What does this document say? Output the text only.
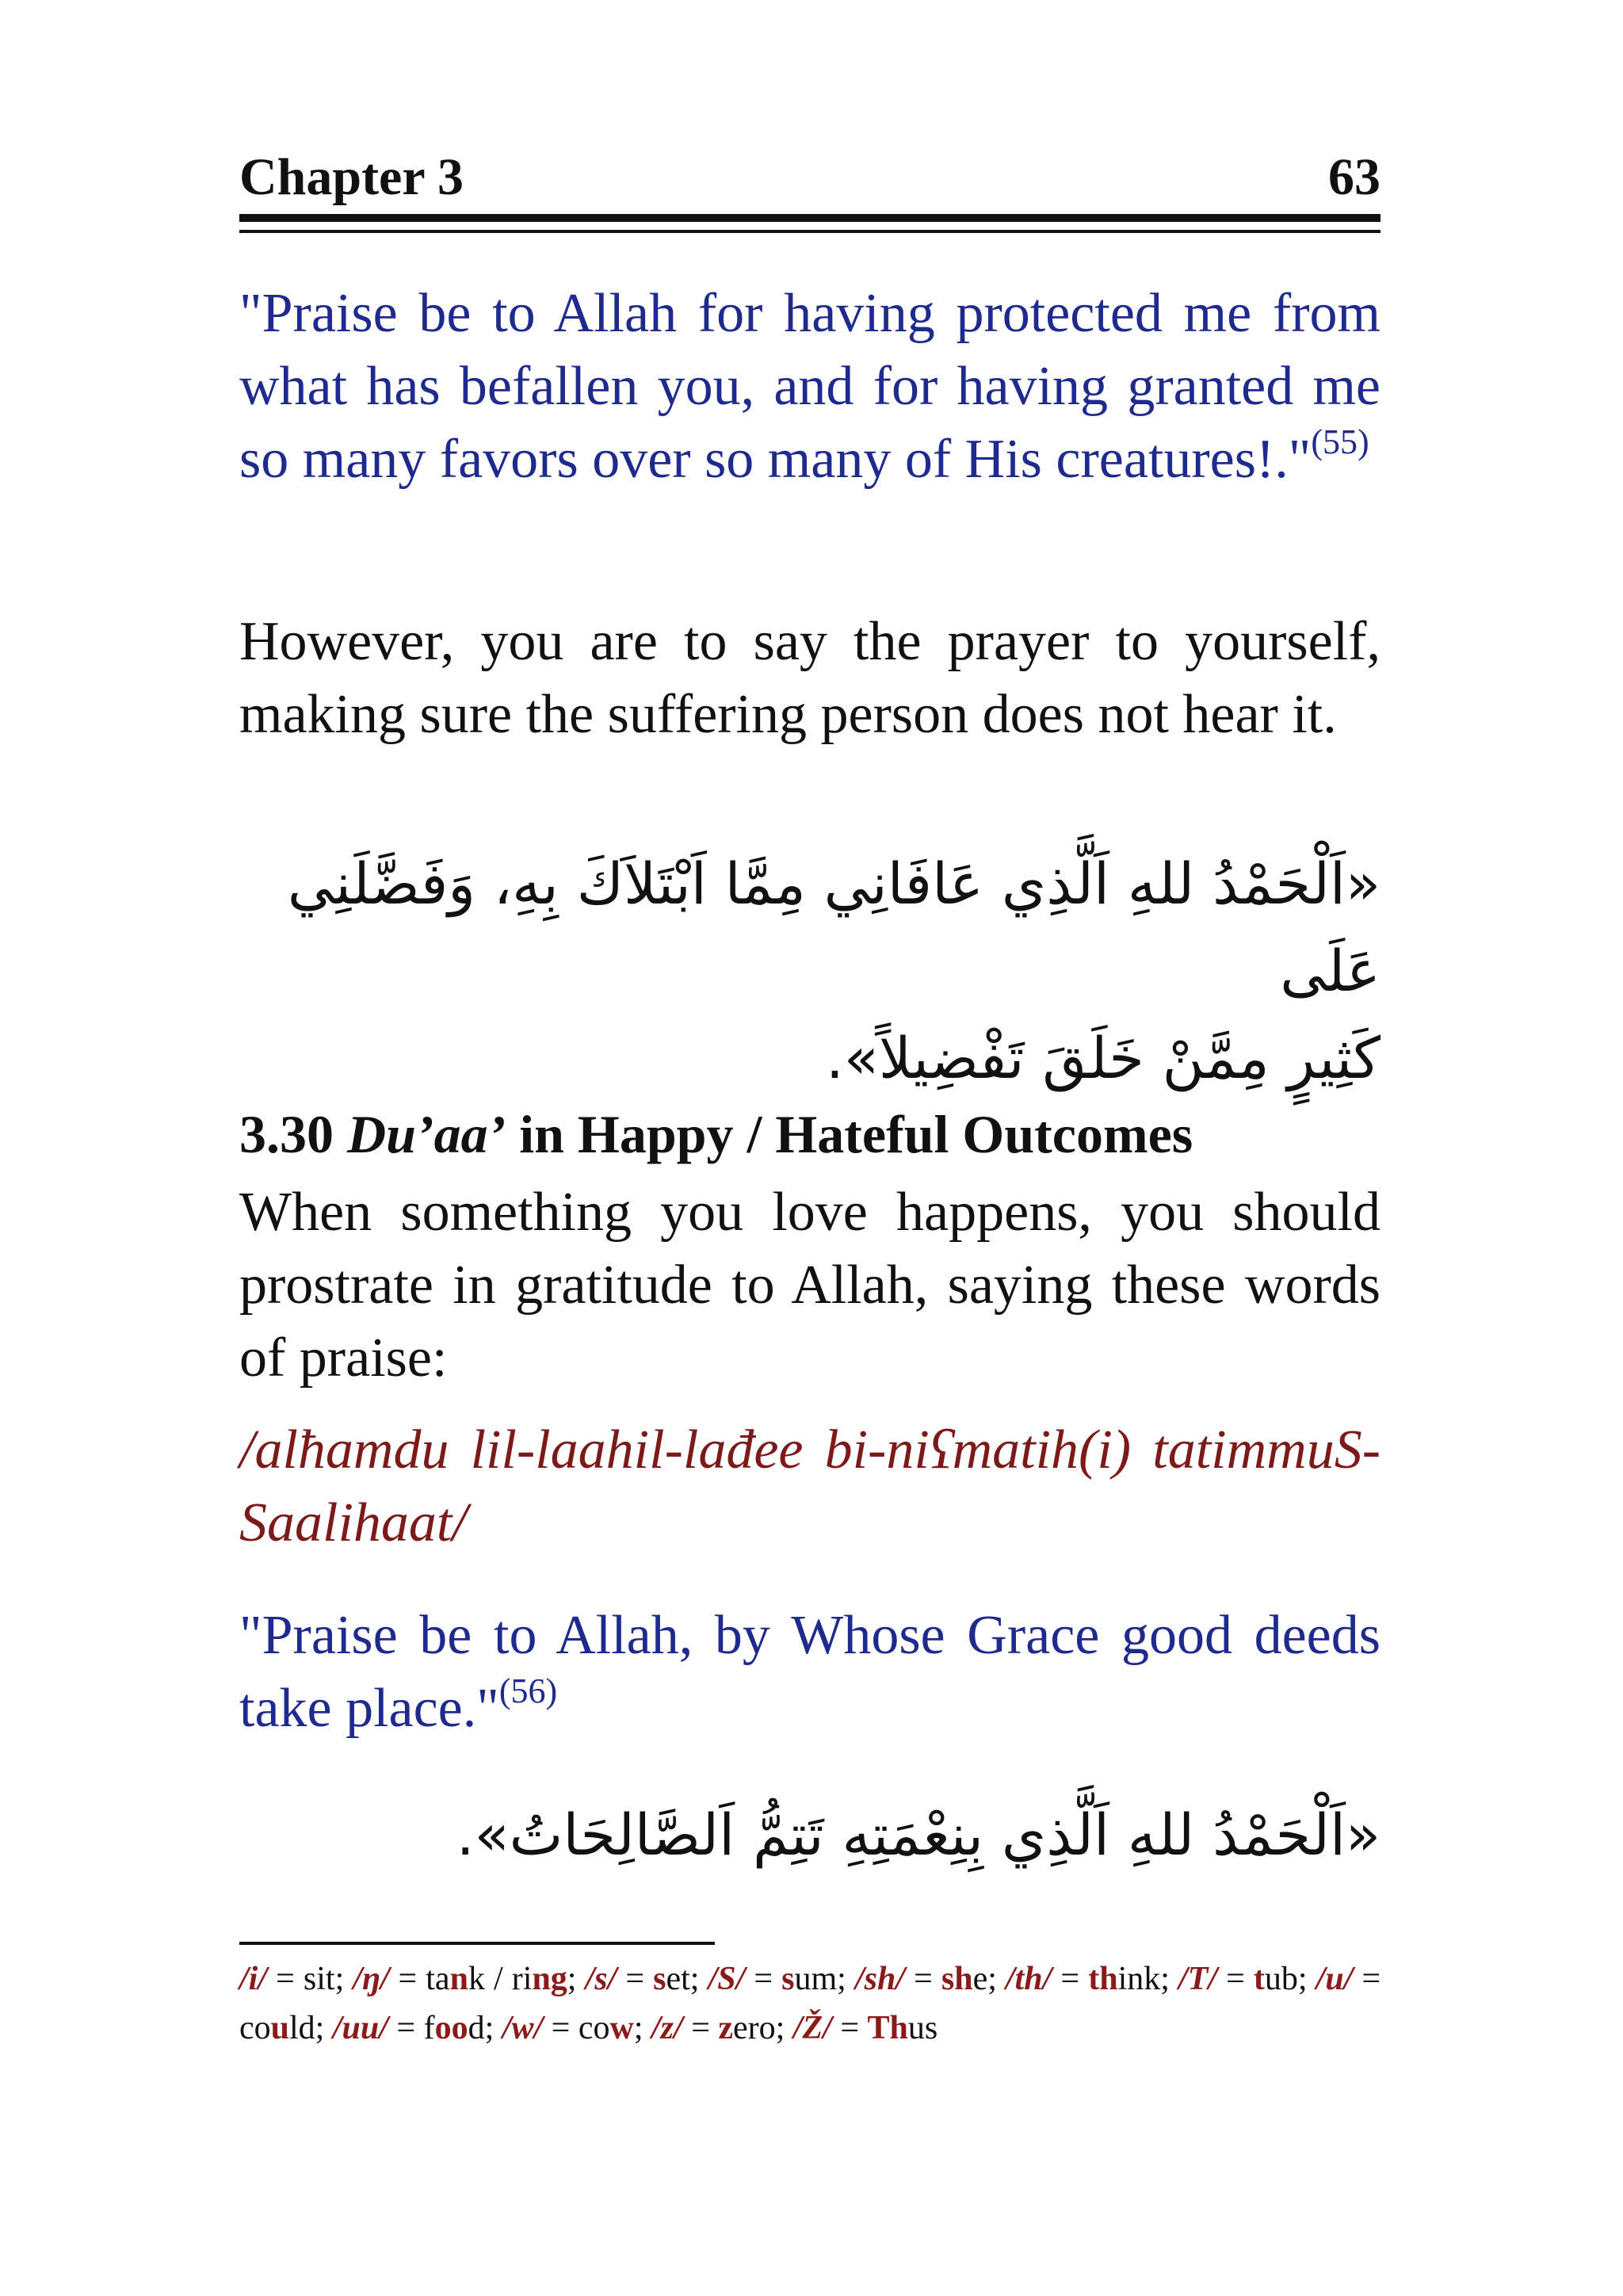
Chapter 3	63
"Praise be to Allah for having protected me from what has befallen you, and for having granted me so many favors over so many of His creatures!."$^{(55)}$
However, you are to say the prayer to yourself, making sure the suffering person does not hear it.
«اَلْحَمْدُ للهِ اَلَّذِي عَافَانِي مِمَّا اَبْتَلاَكَ بِهِ، وَفَضَّلَنِي عَلَى
كَثِيرٍ مِمَّنْ خَلَقَ تَفْضِيلاً».
3.30 Du’aa’ in Happy / Hateful Outcomes
When something you love happens, you should prostrate in gratitude to Allah, saying these words of praise:
/alħamdu lil-laahil-lađee bi-niʕmatih(i) tatimmuS-Saalihaat/
"Praise be to Allah, by Whose Grace good deeds take place."$^{(56)}$
«اَلْحَمْدُ للهِ اَلَّذِي بِنِعْمَتِهِ تَتِمُّ اَلصَّالِحَاتُ».
/i/ = sit; /ŋ/ = tank / ring; /s/ = set; /S/ = sum; /sh/ = she; /th/ = think; /T/ = tub; /u/ = could; /uu/ = food; /w/ = cow; /z/ = zero; /Ž/ = Thus
